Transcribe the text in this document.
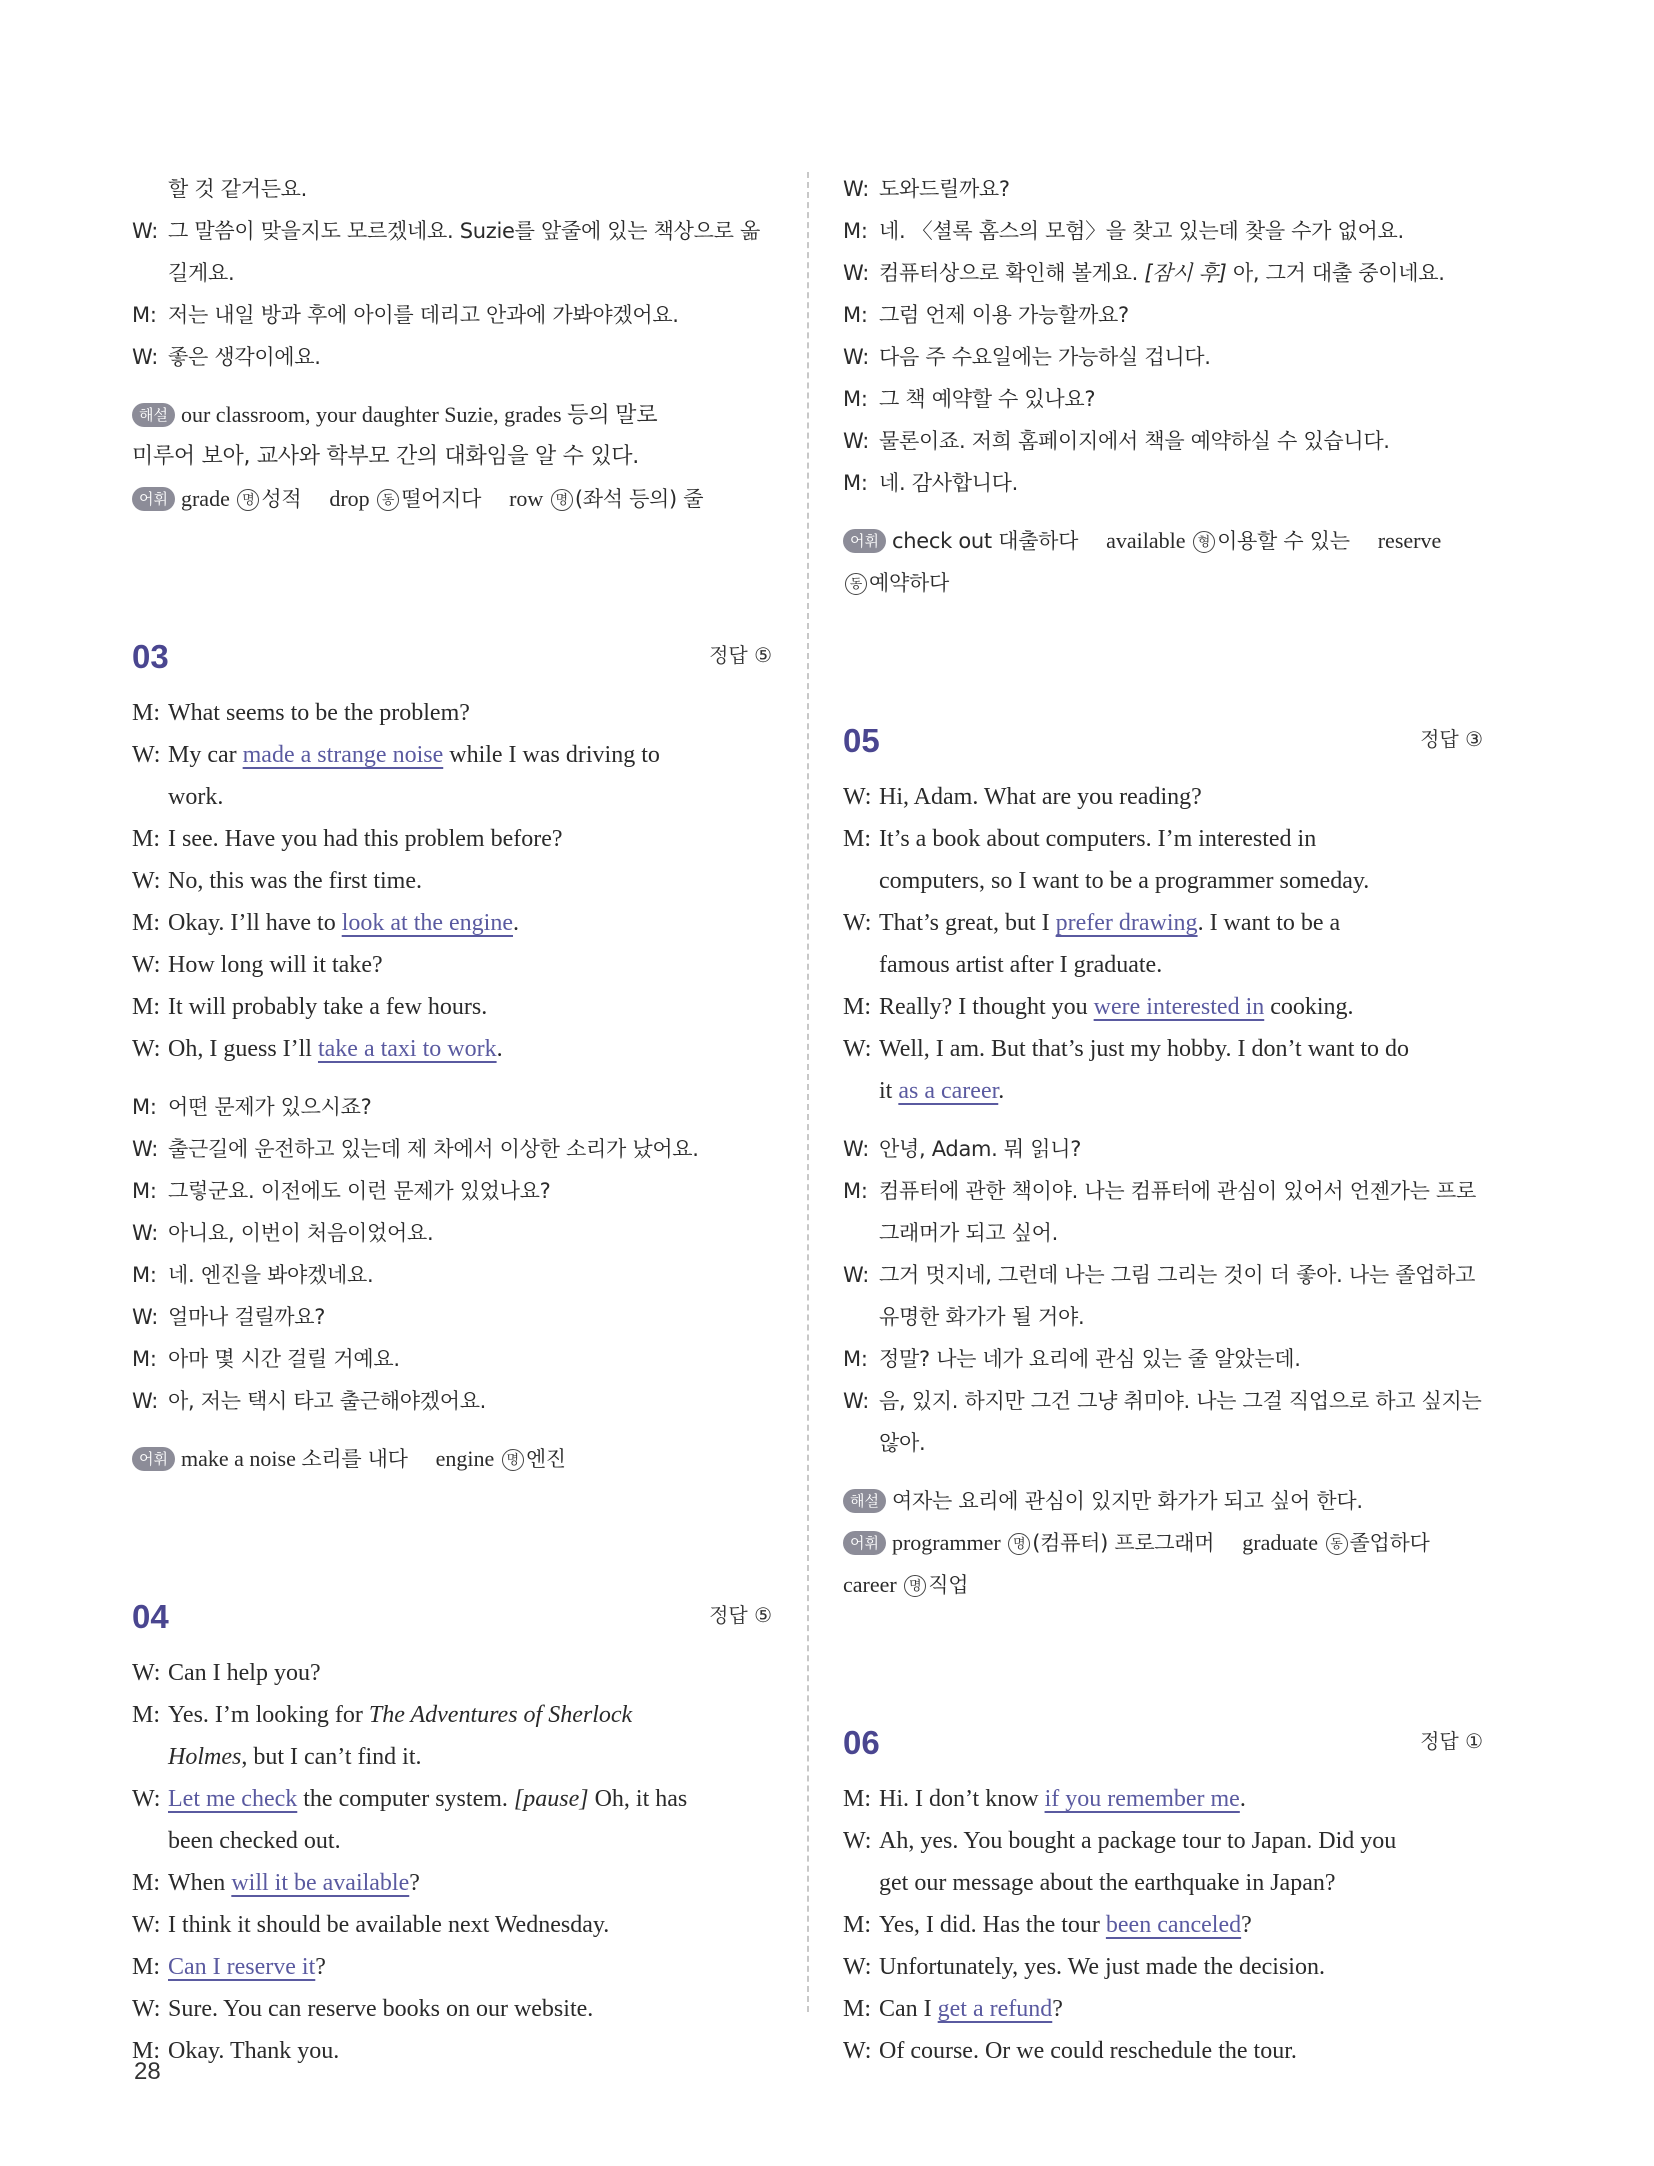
할 것 같거든요.
W: 그 말씀이 맞을지도 모르겠네요. Suzie를 앞줄에 있는 책상으로 옮
길게요.
M: 저는 내일 방과 후에 아이를 데리고 안과에 가봐야겠어요.
W: 좋은 생각이에요.
해설 our classroom, your daughter Suzie, grades 등의 말로
미루어 보아, 교사와 학부모 간의 대화임을 알 수 있다.
어휘 grade 명 성적 drop 동 떨어지다 row 명 (좌석 등의) 줄
03	정답 ⑤
M: What seems to be the problem?
W: My car made a strange noise while I was driving to
work.
M: I see. Have you had this problem before?
W: No, this was the first time.
M: Okay. I’ll have to look at the engine.
W: How long will it take?
M: It will probably take a few hours.
W: Oh, I guess I’ll take a taxi to work.
M: 어떤 문제가 있으시죠?
W: 출근길에 운전하고 있는데 제 차에서 이상한 소리가 났어요.
M: 그렇군요. 이전에도 이런 문제가 있었나요?
W: 아니요, 이번이 처음이었어요.
M: 네. 엔진을 봐야겠네요.
W: 얼마나 걸릴까요?
M: 아마 몇 시간 걸릴 거예요.
W: 아, 저는 택시 타고 출근해야겠어요.
어휘 make a noise 소리를 내다 engine 명 엔진
04	정답 ⑤
W: Can I help you?
M: Yes. I’m looking for The Adventures of Sherlock
Holmes, but I can’t find it.
W: Let me check the computer system. [pause] Oh, it has
been checked out.
M: When will it be available?
W: I think it should be available next Wednesday.
M: Can I reserve it?
W: Sure. You can reserve books on our website.
M: Okay. Thank you.
W: 도와드릴까요?
M: 네. 〈셜록 홈스의 모험〉을 찾고 있는데 찾을 수가 없어요.
W: 컴퓨터상으로 확인해 볼게요. [잠시 후] 아, 그거 대출 중이네요.
M: 그럼 언제 이용 가능할까요?
W: 다음 주 수요일에는 가능하실 겁니다.
M: 그 책 예약할 수 있나요?
W: 물론이죠. 저희 홈페이지에서 책을 예약하실 수 있습니다.
M: 네. 감사합니다.
어휘 check out 대출하다 available 형 이용할 수 있는 reserve
동 예약하다
05	정답 ③
W: Hi, Adam. What are you reading?
M: It’s a book about computers. I’m interested in
computers, so I want to be a programmer someday.
W: That’s great, but I prefer drawing. I want to be a
famous artist after I graduate.
M: Really? I thought you were interested in cooking.
W: Well, I am. But that’s just my hobby. I don’t want to do
it as a career.
W: 안녕, Adam. 뭐 읽니?
M: 컴퓨터에 관한 책이야. 나는 컴퓨터에 관심이 있어서 언젠가는 프로
그래머가 되고 싶어.
W: 그거 멋지네, 그런데 나는 그림 그리는 것이 더 좋아. 나는 졸업하고
유명한 화가가 될 거야.
M: 정말? 나는 네가 요리에 관심 있는 줄 알았는데.
W: 음, 있지. 하지만 그건 그냥 취미야. 나는 그걸 직업으로 하고 싶지는
않아.
해설 여자는 요리에 관심이 있지만 화가가 되고 싶어 한다.
어휘 programmer 명 (컴퓨터) 프로그래머 graduate 동 졸업하다
career 명 직업
06	정답 ①
M: Hi. I don’t know if you remember me.
W: Ah, yes. You bought a package tour to Japan. Did you
get our message about the earthquake in Japan?
M: Yes, I did. Has the tour been canceled?
W: Unfortunately, yes. We just made the decision.
M: Can I get a refund?
W: Of course. Or we could reschedule the tour.
28
